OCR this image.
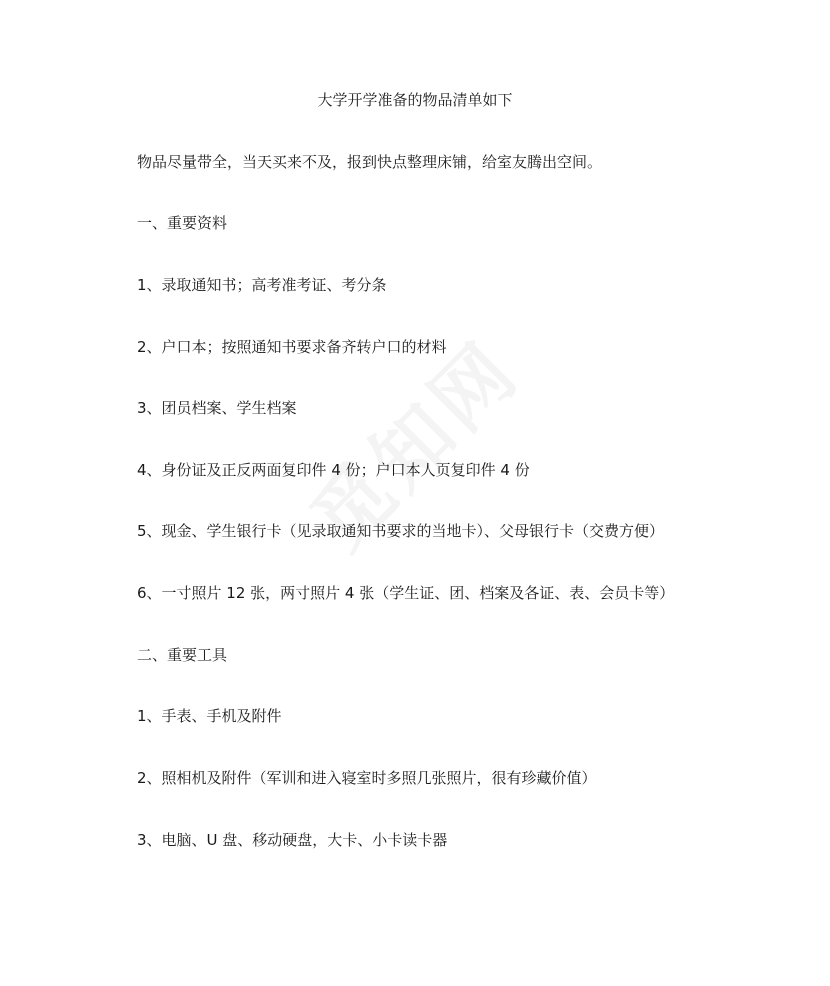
大学开学准备的物品清单如下
物品尽量带全，当天买来不及，报到快点整理床铺，给室友腾出空间。
一、重要资料
1、录取通知书；高考准考证、考分条
2、户口本；按照通知书要求备齐转户口的材料
3、团员档案、学生档案
4、身份证及正反两面复印件 4 份；户口本人页复印件 4 份
5、现金、学生银行卡（见录取通知书要求的当地卡）、父母银行卡（交费方便）
6、一寸照片 12 张，两寸照片 4 张（学生证、团、档案及各证、表、会员卡等）
二、重要工具
1、手表、手机及附件
2、照相机及附件（军训和进入寝室时多照几张照片，很有珍藏价值）
3、电脑、U 盘、移动硬盘，大卡、小卡读卡器
